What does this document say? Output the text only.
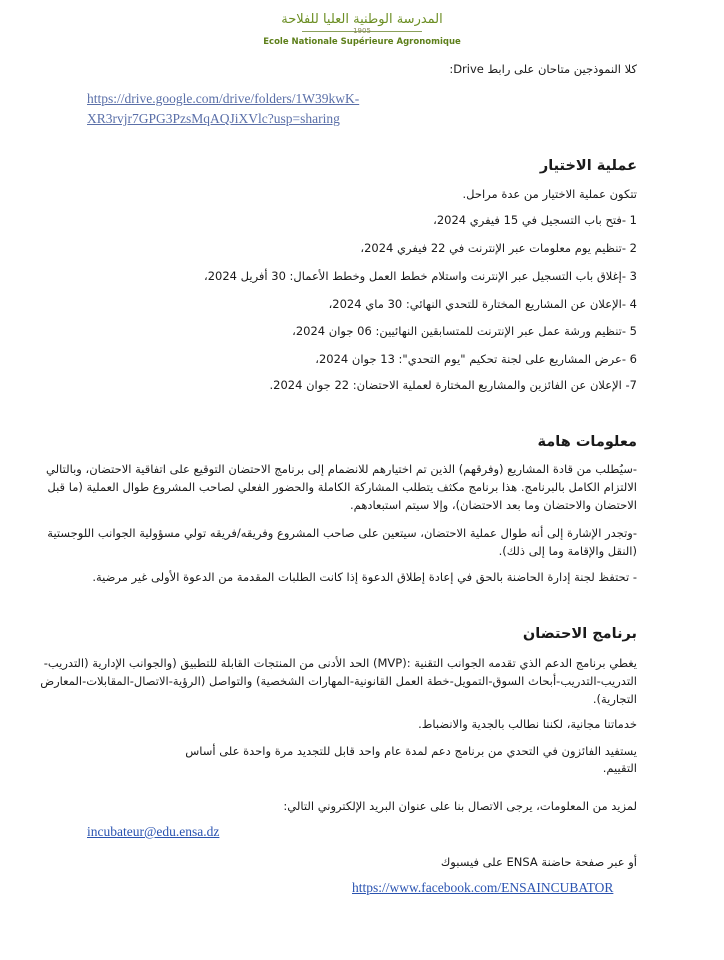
المدرسة الوطنية العليا للفلاحة
1905
Ecole Nationale Supérieure Agronomique
كلا النموذجين متاحان على رابط Drive:
https://drive.google.com/drive/folders/1W39kwK-
XR3rvjr7GPG3PzsMqAQJiXVlc?usp=sharing
عملية الاختيار
تتكون عملية الاختيار من عدة مراحل.
1 -فتح باب التسجيل في 15 فيفري 2024،
2 -تنظيم يوم معلومات عبر الإنترنت في 22 فيفري 2024،
3 -إغلاق باب التسجيل عبر الإنترنت واستلام خطط العمل وخطط الأعمال: 30 أفريل 2024،
4 -الإعلان عن المشاريع المختارة للتحدي النهائي: 30 ماي 2024،
5 -تنظيم ورشة عمل عبر الإنترنت للمتسابقين النهائيين: 06 جوان 2024،
6 -عرض المشاريع على لجنة تحكيم "يوم التحدي": 13 جوان 2024،
7- الإعلان عن الفائزين والمشاريع المختارة لعملية الاحتضان: 22 جوان 2024.
معلومات هامة
-سيُطلب من قادة المشاريع (وفرقهم) الذين تم اختيارهم للانضمام إلى برنامج الاحتضان التوقيع على اتفاقية الاحتضان، وبالتالي
الالتزام الكامل بالبرنامج. هذا برنامج مكثف يتطلب المشاركة الكاملة والحضور الفعلي لصاحب المشروع طوال العملية (ما قبل
الاحتضان والاحتضان وما بعد الاحتضان)، وإلا سيتم استبعادهم.
-وتجدر الإشارة إلى أنه طوال عملية الاحتضان، سيتعين على صاحب المشروع وفريقه/فريقه تولي مسؤولية الجوانب اللوجستية
(النقل والإقامة وما إلى ذلك).
- تحتفظ لجنة إدارة الحاضنة بالحق في إعادة إطلاق الدعوة إذا كانت الطلبات المقدمة من الدعوة الأولى غير مرضية.
برنامج الاحتضان
يغطي برنامج الدعم الذي تقدمه الجوانب التقنية :(MVP) الحد الأدنى من المنتجات القابلة للتطبيق (والجوانب الإدارية (التدريب-
التدريب-التدريب-أبحاث السوق-التمويل-خطة العمل القانونية-المهارات الشخصية) والتواصل (الرؤية-الاتصال-المقابلات-المعارض
التجارية).
خدماتنا مجانية، لكننا نطالب بالجدية والانضباط.
يستفيد الفائزون في التحدي من برنامج دعم لمدة عام واحد قابل للتجديد مرة واحدة على أساس التقييم.
لمزيد من المعلومات، يرجى الاتصال بنا على عنوان البريد الإلكتروني التالي:
incubateur@edu.ensa.dz
أو عبر صفحة حاضنة ENSA على فيسبوك
https://www.facebook.com/ENSAINCUBATOR
